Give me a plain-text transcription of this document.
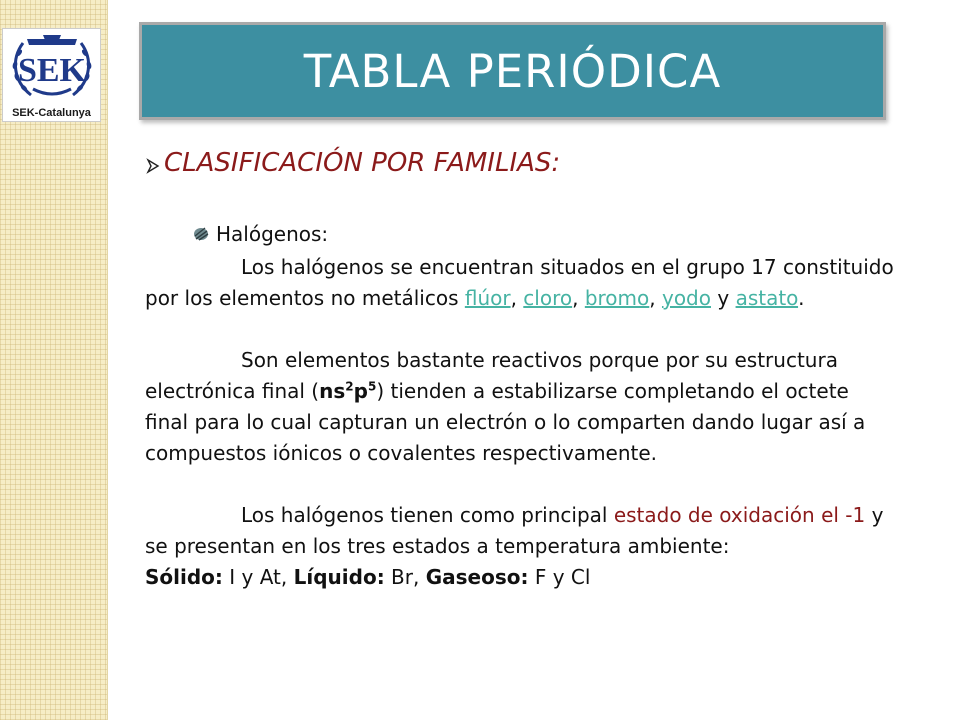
SEK
SEK-Catalunya
TABLA PERIÓDICA
CLASIFICACIÓN POR FAMILIAS:
Halógenos:

Los halógenos se encuentran situados en el grupo 17 constituido por los elementos no metálicos flúor, cloro, bromo, yodo y astato.

Son elementos bastante reactivos porque por su estructura electrónica final $(ns^2p^5)$ tienden a estabilizarse completando el octete final para lo cual capturan un electrón o lo comparten dando lugar así a compuestos iónicos o covalentes respectivamente.

Los halógenos tienen como principal estado de oxidación el -1 y se presentan en los tres estados a temperatura ambiente:

Sólido: I y At, Líquido: Br, Gaseoso: F y Cl
